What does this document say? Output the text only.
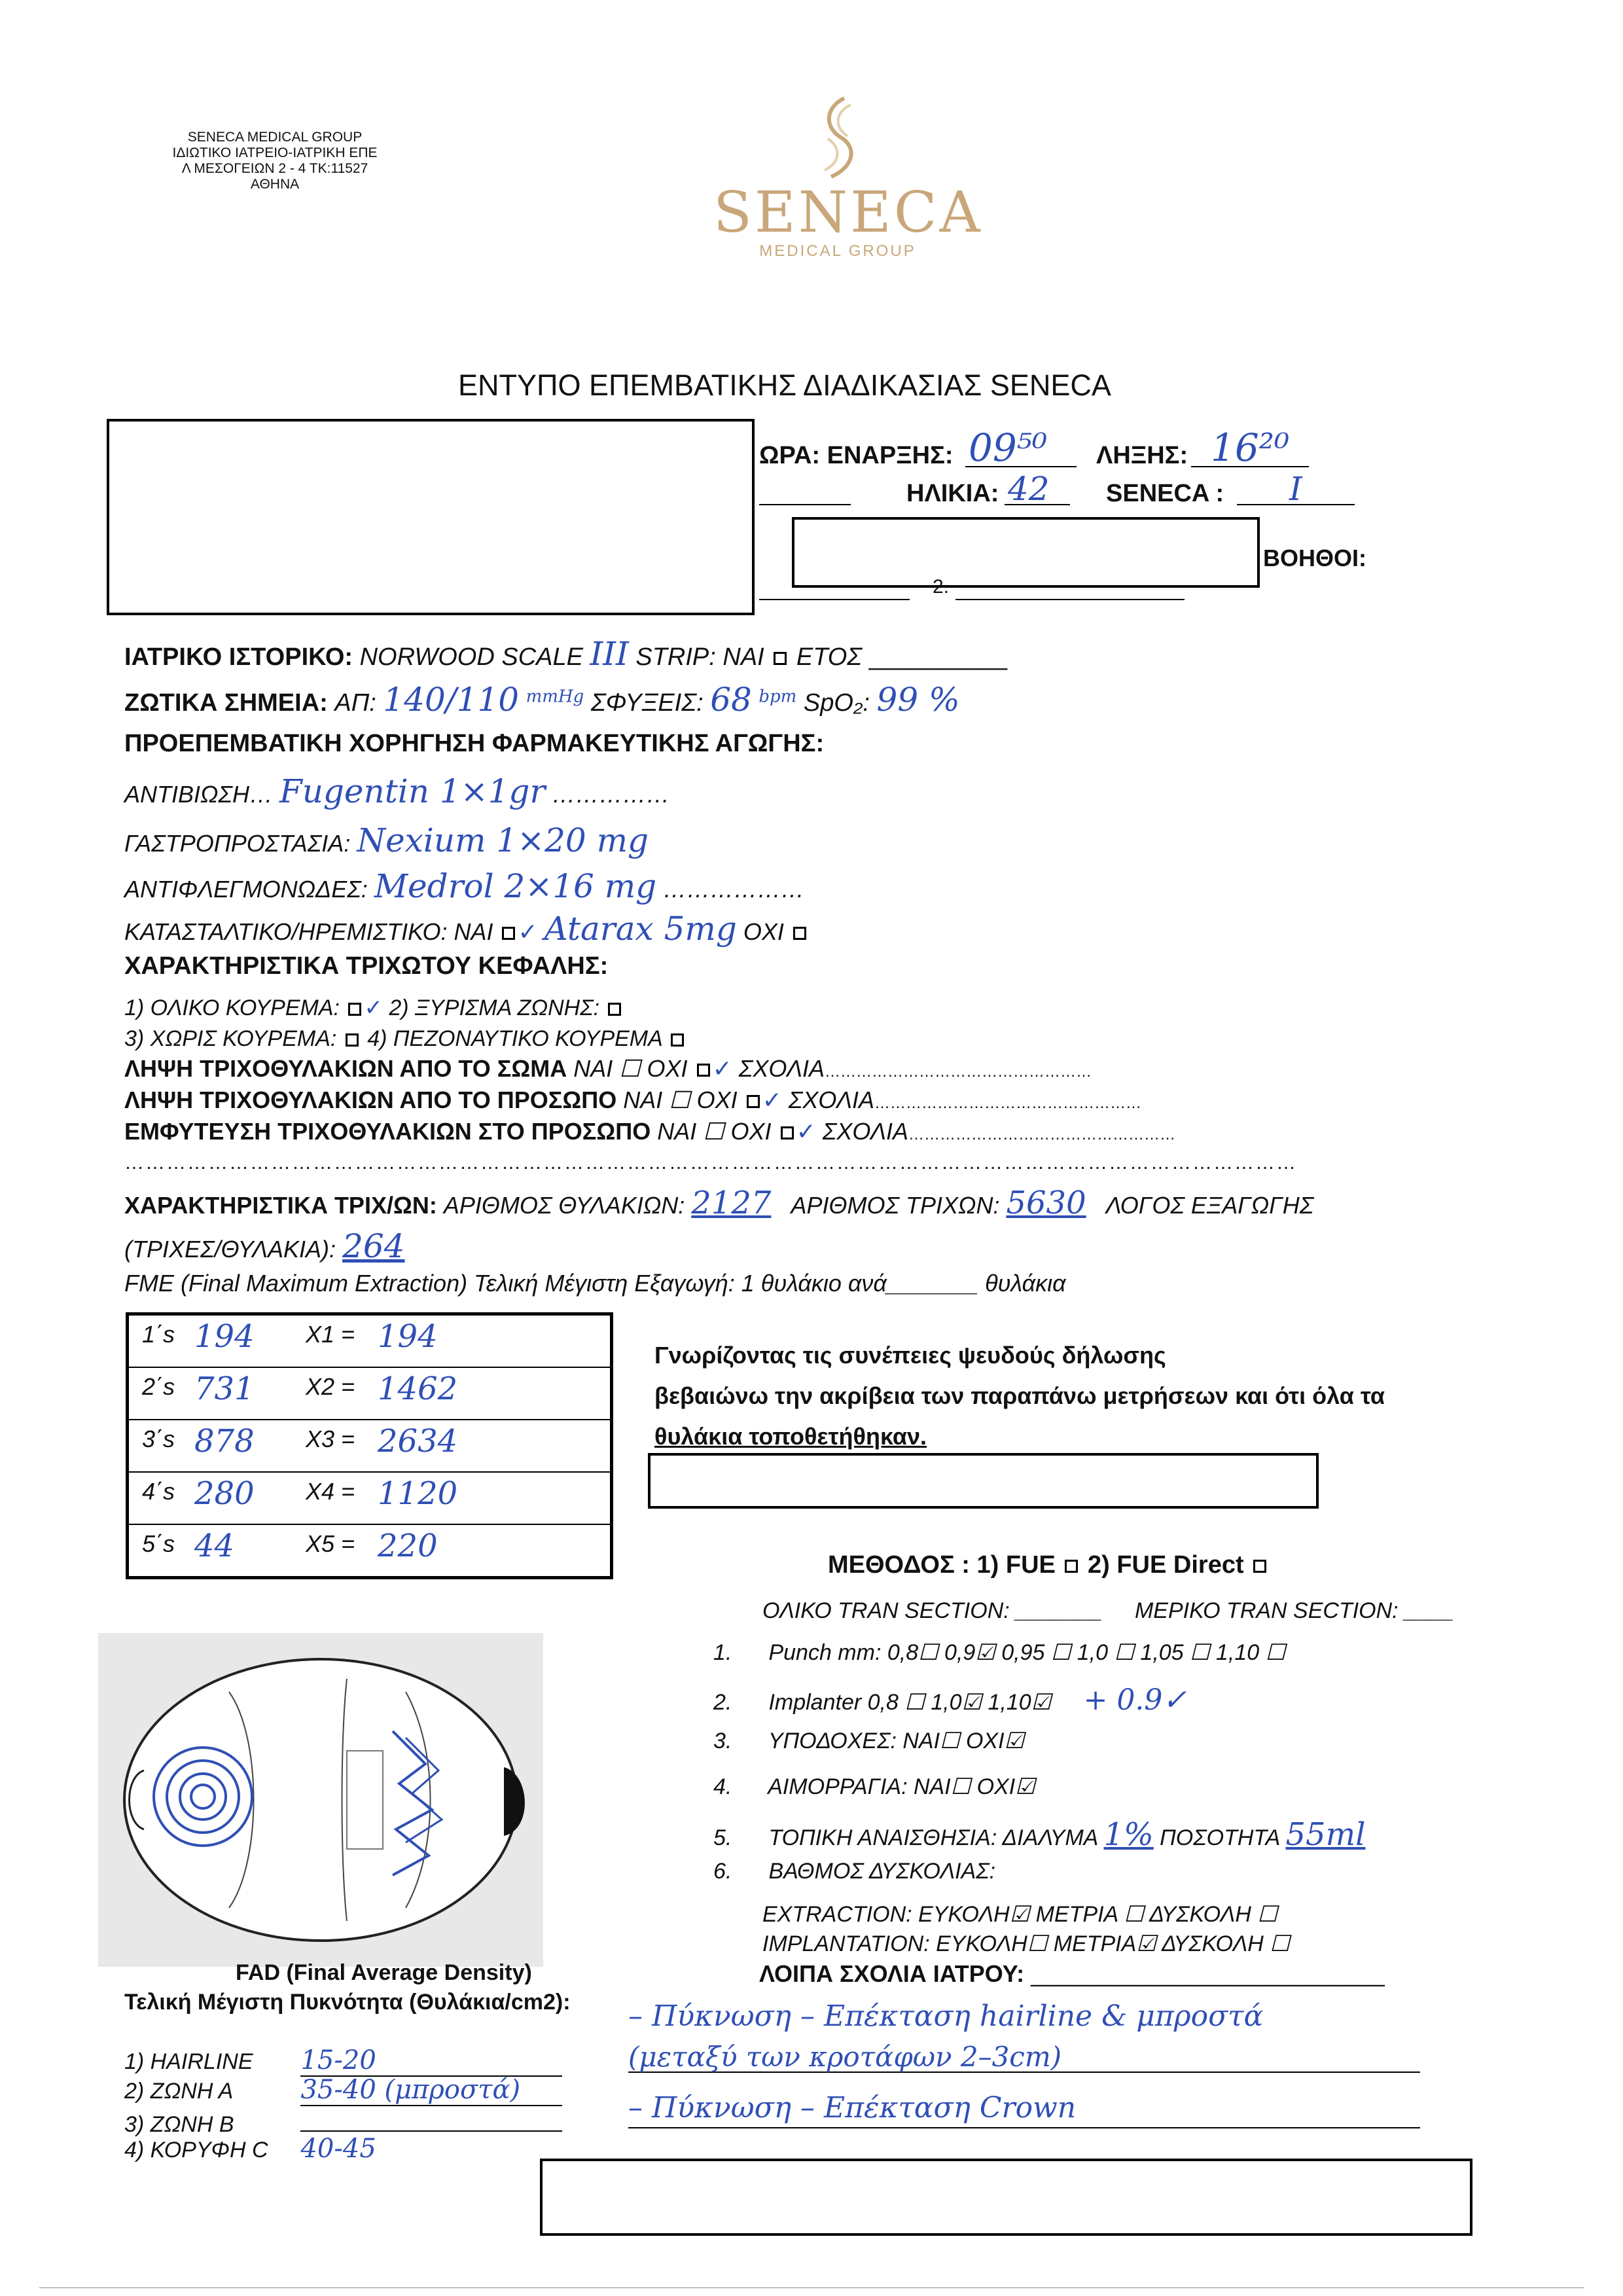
SENECA MEDICAL GROUP
ΙΔΙΩΤΙΚΟ ΙΑΤΡΕΙΟ-ΙΑΤΡΙΚΗ ΕΠΕ
Λ ΜΕΣΟΓΕΙΩΝ 2 - 4 ΤΚ:11527
ΑΘΗΝΑ	SENECA
MEDICAL GROUP
ΕΝΤΥΠΟ ΕΠΕΜΒΑΤΙΚΗΣ ΔΙΑΔΙΚΑΣΙΑΣ SENECA
ΩΡΑ: ΕΝΑΡΞΗΣ: 09⁵⁰ ΛΗΞΗΣ: 16²⁰
ΗΛΙΚΙΑ: 42 SENECA : I
ΒΟΗΘΟΙ:
2.
ΙΑΤΡΙΚΟ ΙΣΤΟΡΙΚΟ: NORWOOD SCALE III STRIP: ΝΑΙ ΕΤΟΣ __________
ΖΩΤΙΚΑ ΣΗΜΕΙΑ: ΑΠ: 140/110 $^{mmHg}$ ΣΦΥΞΕΙΣ: 68 $^{bpm}$ SpO₂: 99 %
ΠΡΟΕΠΕΜΒΑΤΙΚΗ ΧΟΡΗΓΗΣΗ ΦΑΡΜΑΚΕΥΤΙΚΗΣ ΑΓΩΓΗΣ:
ΑΝΤΙΒΙΩΣΗ… Fugentin 1×1gr ……………
ΓΑΣΤΡΟΠΡΟΣΤΑΣΙΑ: Nexium 1×20 mg
ΑΝΤΙΦΛΕΓΜΟΝΩΔΕΣ: Medrol 2×16 mg ………………
ΚΑΤΑΣΤΑΛΤΙΚΟ/ΗΡΕΜΙΣΤΙΚΟ: ΝΑΙ ✓ Atarax 5mg ΟΧΙ
ΧΑΡΑΚΤΗΡΙΣΤΙΚΑ ΤΡΙΧΩΤΟΥ ΚΕΦΑΛΗΣ:
1) ΟΛΙΚΟ ΚΟΥΡΕΜΑ: ✓ 2) ΞΥΡΙΣΜΑ ΖΩΝΗΣ:
3) ΧΩΡΙΣ ΚΟΥΡΕΜΑ: 4) ΠΕΖΟΝΑΥΤΙΚΟ ΚΟΥΡΕΜΑ
ΛΗΨΗ ΤΡΙΧΟΘΥΛΑΚΙΩΝ ΑΠΟ ΤΟ ΣΩΜΑ ΝΑΙ ☐ ΟΧΙ ✓ ΣΧΟΛΙΑ……………………………………………
ΛΗΨΗ ΤΡΙΧΟΘΥΛΑΚΙΩΝ ΑΠΟ ΤΟ ΠΡΟΣΩΠΟ ΝΑΙ ☐ ΟΧΙ ✓ ΣΧΟΛΙΑ……………………………………………
ΕΜΦΥΤΕΥΣΗ ΤΡΙΧΟΘΥΛΑΚΙΩΝ ΣΤΟ ΠΡΟΣΩΠΟ ΝΑΙ ☐ ΟΧΙ ✓ ΣΧΟΛΙΑ……………………………………………
……………………………………………………………………………………………………………………………………………………
ΧΑΡΑΚΤΗΡΙΣΤΙΚΑ ΤΡΙΧ/ΩΝ: ΑΡΙΘΜΟΣ ΘΥΛΑΚΙΩΝ: 2127 ΑΡΙΘΜΟΣ ΤΡΙΧΩΝ: 5630 ΛΟΓΟΣ ΕΞΑΓΩΓΗΣ
(ΤΡΙΧΕΣ/ΘΥΛΑΚΙΑ): 264
FME (Final Maximum Extraction) Τελική Μέγιστη Εξαγωγή: 1 θυλάκιο ανά_______ θυλάκια
1΄s 194 X1 = 194

2΄s 731 X2 = 1462

3΄s 878 X3 = 2634

4΄s 280 X4 = 1120

5΄s 44	X5 = 220
Γνωρίζοντας τις συνέπειες ψευδούς δήλωσης
βεβαιώνω την ακρίβεια των παραπάνω μετρήσεων και ότι όλα τα
θυλάκια τοποθετήθηκαν.
FAD (Final Average Density)
Τελική Μέγιστη Πυκνότητα (Θυλάκια/cm2):
1) HAIRLINE 15-20
2) ΖΩΝΗ Α	35-40 (μπροστά)
3) ΖΩΝΗ Β
4) ΚΟΡΥΦΗ C 40-45
ΜΕΘΟΔΟΣ : 1) FUE 2) FUE Direct
ΟΛΙΚΟ TRAN SECTION: _______ ΜΕΡΙΚΟ TRAN SECTION: ____
1. Punch mm: 0,8☐ 0,9☑ 0,95 ☐ 1,0 ☐ 1,05 ☐ 1,10 ☐
2. Implanter 0,8 ☐ 1,0☑ 1,10☑ + 0.9✓
3. ΥΠΟΔΟΧΕΣ: ΝΑΙ☐ ΟΧΙ☑
4. ΑΙΜΟΡΡΑΓΙΑ: ΝΑΙ☐ ΟΧΙ☑
5. ΤΟΠΙΚΗ ΑΝΑΙΣΘΗΣΙΑ: ΔΙΑΛΥΜΑ 1% ΠΟΣΟΤΗΤΑ 55ml
6. ΒΑΘΜΟΣ ΔΥΣΚΟΛΙΑΣ:
EXTRACTION: ΕΥΚΟΛΗ☑ ΜΕΤΡΙΑ ☐ ΔΥΣΚΟΛΗ ☐
IMPLANTATION: ΕΥΚΟΛΗ☐ ΜΕΤΡΙΑ☑ ΔΥΣΚΟΛΗ ☐
ΛΟΙΠΑ ΣΧΟΛΙΑ ΙΑΤΡΟΥ: ___________________________
– Πύκνωση – Επέκταση hairline & μπροστά
(μεταξύ των κροτάφων 2–3cm)
– Πύκνωση – Επέκταση Crown
